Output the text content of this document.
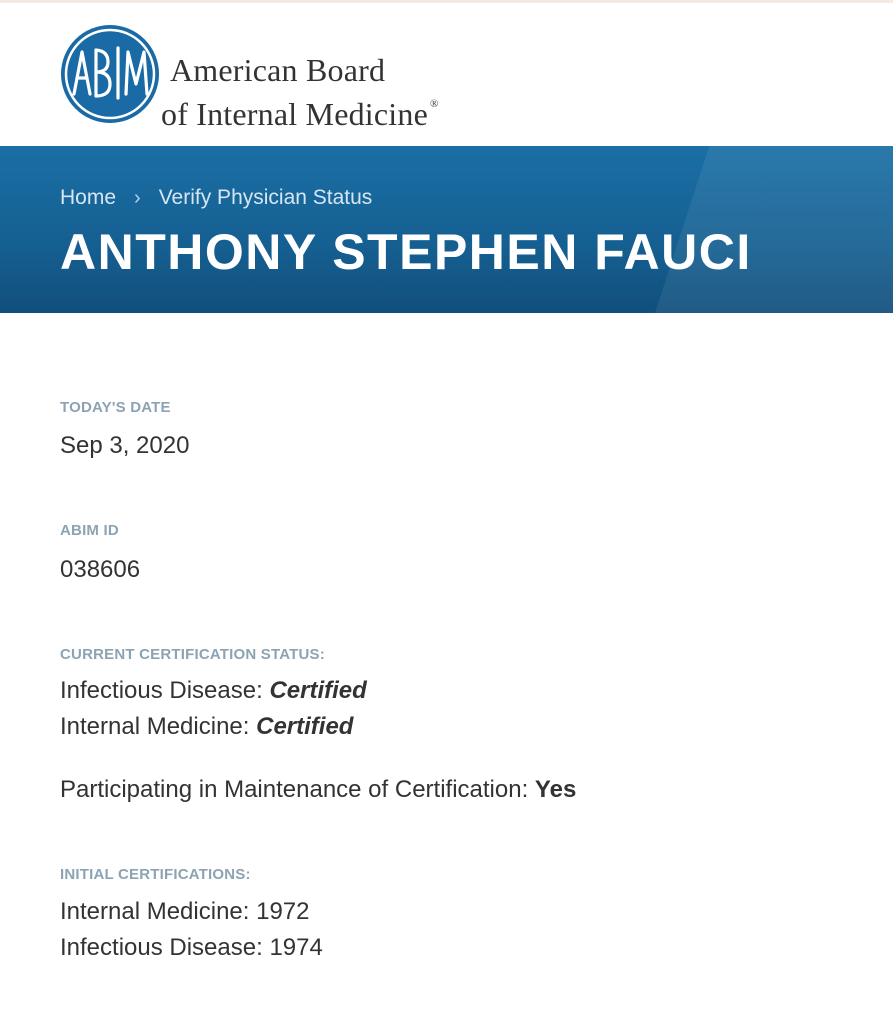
American Board
of Internal Medicine ®
Home › Verify Physician Status
ANTHONY STEPHEN FAUCI
TODAY'S DATE
Sep 3, 2020
ABIM ID
038606
CURRENT CERTIFICATION STATUS:
Infectious Disease: Certified
Internal Medicine: Certified
Participating in Maintenance of Certification: Yes
INITIAL CERTIFICATIONS:
Internal Medicine: 1972
Infectious Disease: 1974
